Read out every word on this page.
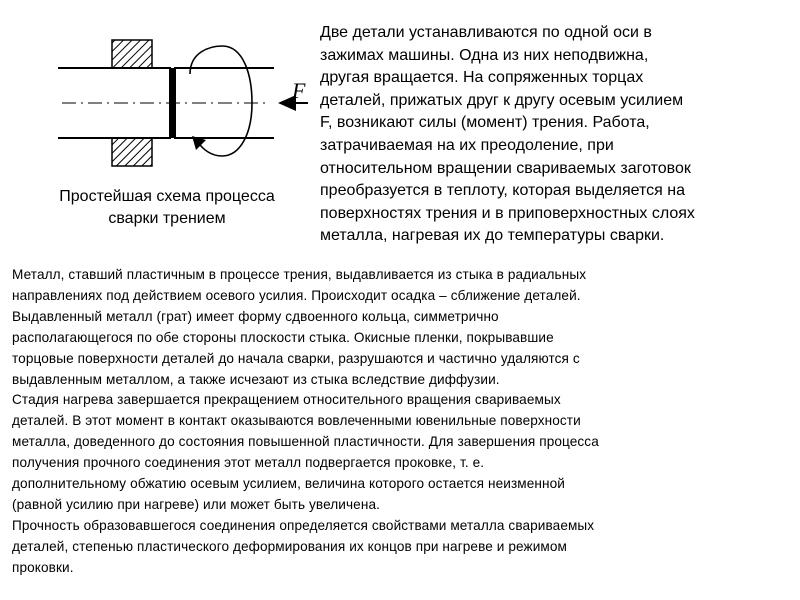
F
Простейшая схема процесса сварки трением
Две детали устанавливаются по одной оси в
зажимах машины. Одна из них неподвижна,
другая вращается. На сопряженных торцах
деталей, прижатых друг к другу осевым усилием
F, возникают силы (момент) трения. Работа,
затрачиваемая на их преодоление, при
относительном вращении свариваемых заготовок
преобразуется в теплоту, которая выделяется на
поверхностях трения и в приповерхностных слоях
металла, нагревая их до температуры сварки.
Металл, ставший пластичным в процессе трения, выдавливается из стыка в радиальных
направлениях под действием осевого усилия. Происходит осадка – сближение деталей.
Выдавленный металл (грат) имеет форму сдвоенного кольца, симметрично
располагающегося по обе стороны плоскости стыка. Окисные пленки, покрывавшие
торцовые поверхности деталей до начала сварки, разрушаются и частично удаляются с
выдавленным металлом, а также исчезают из стыка вследствие диффузии.
Стадия нагрева завершается прекращением относительного вращения свариваемых
деталей. В этот момент в контакт оказываются вовлеченными ювенильные поверхности
металла, доведенного до состояния повышенной пластичности. Для завершения процесса
получения прочного соединения этот металл подвергается проковке, т. е.
дополнительному обжатию осевым усилием, величина которого остается неизменной
(равной усилию при нагреве) или может быть увеличена.
Прочность образовавшегося соединения определяется свойствами металла свариваемых
деталей, степенью пластического деформирования их концов при нагреве и режимом
проковки.
